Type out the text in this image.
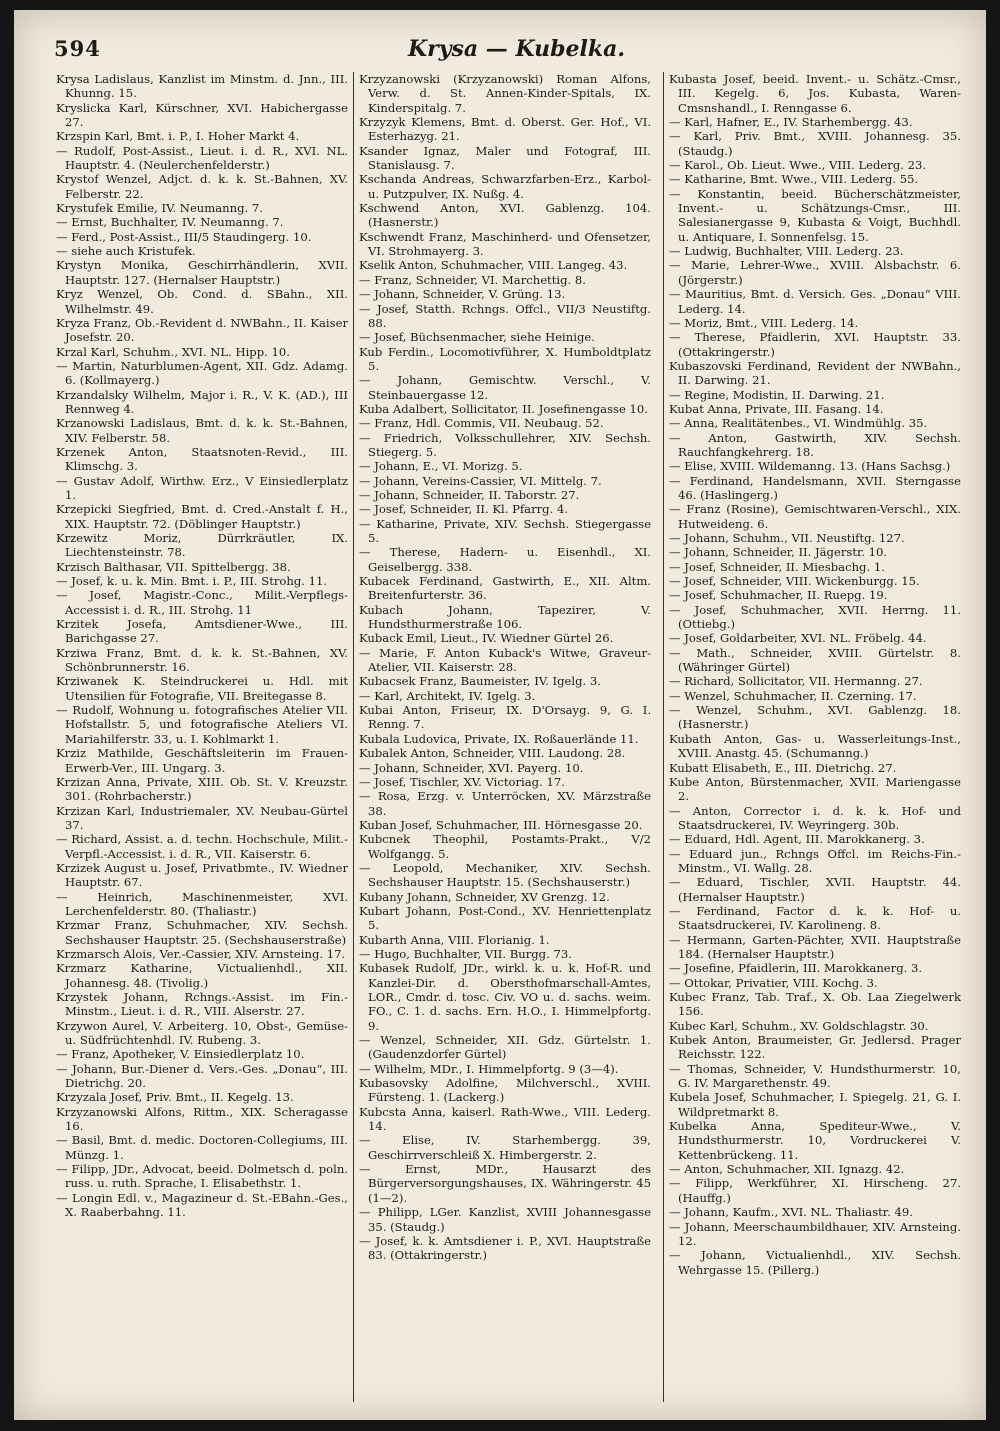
594	Krysa — Kubelka.

Krysa Ladislaus, Kanzlist im Minstm. d. Jnn., III. Khunng. 15.

Kryslicka Karl, Kürschner, XVI. Habichergasse 27.

Krzspin Karl, Bmt. i. P., I. Hoher Markt 4.

— Rudolf, Post-Assist., Lieut. i. d. R., XVI. NL. Hauptstr. 4. (Neulerchenfelderstr.)

Krystof Wenzel, Adjct. d. k. k. St.-Bahnen, XV. Felberstr. 22.

Krystufek Emilie, IV. Neumanng. 7.

— Ernst, Buchhalter, IV. Neumanng. 7.

— Ferd., Post-Assist., III/5 Staudingerg. 10.

— siehe auch Kristufek.

Krystyn Monika, Geschirrhändlerin, XVII. Hauptstr. 127. (Hernalser Hauptstr.)

Kryz Wenzel, Ob. Cond. d. SBahn., XII. Wilhelmstr. 49.

Kryza Franz, Ob.-Revident d. NWBahn., II. Kaiser Josefstr. 20.

Krzal Karl, Schuhm., XVI. NL. Hipp. 10.

— Martin, Naturblumen-Agent, XII. Gdz. Adamg. 6. (Kollmayerg.)

Krzandalsky Wilhelm, Major i. R., V. K. (AD.), III Rennweg 4.

Krzanowski Ladislaus, Bmt. d. k. k. St.-Bahnen, XIV. Felberstr. 58.

Krzenek Anton, Staatsnoten-Revid., III. Klimschg. 3.

— Gustav Adolf, Wirthw. Erz., V Einsiedlerplatz 1.

Krzepicki Siegfried, Bmt. d. Cred.-Anstalt f. H., XIX. Hauptstr. 72. (Döblinger Hauptstr.)

Krzewitz Moriz, Dürrkräutler, IX. Liechtensteinstr. 78.

Krzisch Balthasar, VII. Spittelbergg. 38.

— Josef, k. u. k. Min. Bmt. i. P., III. Strohg. 11.

— Josef, Magistr.-Conc., Milit.-Verpflegs-Accessist i. d. R., III. Strohg. 11

Krzitek Josefa, Amtsdiener-Wwe., III. Barichgasse 27.

Krziwa Franz, Bmt. d. k. k. St.-Bahnen, XV. Schönbrunnerstr. 16.

Krziwanek K. Steindruckerei u. Hdl. mit Utensilien für Fotografie, VII. Breitegasse 8.

— Rudolf, Wohnung u. fotografisches Atelier VII. Hofstallstr. 5, und fotografische Ateliers VI. Mariahilferstr. 33, u. I. Kohlmarkt 1.

Krziz Mathilde, Geschäftsleiterin im Frauen-Erwerb-Ver., III. Ungarg. 3.

Krzizan Anna, Private, XIII. Ob. St. V. Kreuzstr. 301. (Rohrbacherstr.)

Krzizan Karl, Industriemaler, XV. Neubau-Gürtel 37.

— Richard, Assist. a. d. techn. Hochschule, Milit.-Verpfl.-Accessist. i. d. R., VII. Kaiserstr. 6.

Krzizek August u. Josef, Privatbmte., IV. Wiedner Hauptstr. 67.

— Heinrich, Maschinenmeister, XVI. Lerchenfelderstr. 80. (Thaliastr.)

Krzmar Franz, Schuhmacher, XIV. Sechsh. Sechshauser Hauptstr. 25. (Sechshauserstraße)

Krzmarsch Alois, Ver.-Cassier, XIV. Arnsteing. 17.

Krzmarz Katharine, Victualienhdl., XII. Johannesg. 48. (Tivolig.)

Krzystek Johann, Rchngs.-Assist. im Fin.-Minstm., Lieut. i. d. R., VIII. Alserstr. 27.

Krzywon Aurel, V. Arbeiterg. 10, Obst-, Gemüse- u. Südfrüchtenhdl. IV. Rubeng. 3.

— Franz, Apotheker, V. Einsiedlerplatz 10.

— Johann, Bur.-Diener d. Vers.-Ges. „Donau“, III. Dietrichg. 20.

Krzyzala Josef, Priv. Bmt., II. Kegelg. 13.

Krzyzanowski Alfons, Rittm., XIX. Scheragasse 16.

— Basil, Bmt. d. medic. Doctoren-Collegiums, III. Münzg. 1.

— Filipp, JDr., Advocat, beeid. Dolmetsch d. poln. russ. u. ruth. Sprache, I. Elisabethstr. 1.

— Longin Edl. v., Magazineur d. St.-EBahn.-Ges., X. Raaberbahng. 11.

Krzyzanowski (Krzyzanowski) Roman Alfons, Verw. d. St. Annen-Kinder-Spitals, IX. Kinderspitalg. 7.

Krzyzyk Klemens, Bmt. d. Oberst. Ger. Hof., VI. Esterhazyg. 21.

Ksander Ignaz, Maler und Fotograf, III. Stanislausg. 7.

Kschanda Andreas, Schwarzfarben-Erz., Karbol- u. Putzpulver, IX. Nußg. 4.

Kschwend Anton, XVI. Gablenzg. 104. (Hasnerstr.)

Kschwendt Franz, Maschinherd- und Ofensetzer, VI. Strohmayerg. 3.

Kselik Anton, Schuhmacher, VIII. Langeg. 43.

— Franz, Schneider, VI. Marchettig. 8.

— Johann, Schneider, V. Grüng. 13.

— Josef, Statth. Rchngs. Offcl., VII/3 Neustiftg. 88.

— Josef, Büchsenmacher, siehe Heinige.

Kub Ferdin., Locomotivführer, X. Humboldtplatz 5.

— Johann, Gemischtw. Verschl., V. Steinbauergasse 12.

Kuba Adalbert, Sollicitator, II. Josefinengasse 10.

— Franz, Hdl. Commis, VII. Neubaug. 52.

— Friedrich, Volksschullehrer, XIV. Sechsh. Stiegerg. 5.

— Johann, E., VI. Morizg. 5.

— Johann, Vereins-Cassier, VI. Mittelg. 7.

— Johann, Schneider, II. Taborstr. 27.

— Josef, Schneider, II. Kl. Pfarrg. 4.

— Katharine, Private, XIV. Sechsh. Stiegergasse 5.

— Therese, Hadern- u. Eisenhdl., XI. Geiselbergg. 338.

Kubacek Ferdinand, Gastwirth, E., XII. Altm. Breitenfurterstr. 36.

Kubach Johann, Tapezirer, V. Hundsthurmerstraße 106.

Kuback Emil, Lieut., IV. Wiedner Gürtel 26.

— Marie, F. Anton Kuback's Witwe, Graveur-Atelier, VII. Kaiserstr. 28.

Kubacsek Franz, Baumeister, IV. Igelg. 3.

— Karl, Architekt, IV. Igelg. 3.

Kubai Anton, Friseur, IX. D'Orsayg. 9, G. I. Renng. 7.

Kubala Ludovica, Private, IX. Roßauerlände 11.

Kubalek Anton, Schneider, VIII. Laudong. 28.

— Johann, Schneider, XVI. Payerg. 10.

— Josef, Tischler, XV. Victoriag. 17.

— Rosa, Erzg. v. Unterröcken, XV. Märzstraße 38.

Kuban Josef, Schuhmacher, III. Hörnesgasse 20.

Kubcnek Theophil, Postamts-Prakt., V/2 Wolfgangg. 5.

— Leopold, Mechaniker, XIV. Sechsh. Sechshauser Hauptstr. 15. (Sechshauserstr.)

Kubany Johann, Schneider, XV Grenzg. 12.

Kubart Johann, Post-Cond., XV. Henriettenplatz 5.

Kubarth Anna, VIII. Florianig. 1.

— Hugo, Buchhalter, VII. Burgg. 73.

Kubasek Rudolf, JDr., wirkl. k. u. k. Hof-R. und Kanzlei-Dir. d. Obersthofmarschall-Amtes, LOR., Cmdr. d. tosc. Civ. VO u. d. sachs. weim. FO., C. 1. d. sachs. Ern. H.O., I. Himmelpfortg. 9.

— Wenzel, Schneider, XII. Gdz. Gürtelstr. 1. (Gaudenzdorfer Gürtel)

— Wilhelm, MDr., I. Himmelpfortg. 9 (3—4).

Kubasovsky Adolfine, Milchverschl., XVIII. Fürsteng. 1. (Lackerg.)

Kubcsta Anna, kaiserl. Rath-Wwe., VIII. Lederg. 14.

— Elise, IV. Starhembergg. 39, Geschirrverschleiß X. Himbergerstr. 2.

— Ernst, MDr., Hausarzt des Bürgerversorgungshauses, IX. Währingerstr. 45 (1—2).

— Philipp, LGer. Kanzlist, XVIII Johannesgasse 35. (Staudg.)

— Josef, k. k. Amtsdiener i. P., XVI. Hauptstraße 83. (Ottakringerstr.)

Kubasta Josef, beeid. Invent.- u. Schätz.-Cmsr., III. Kegelg. 6, Jos. Kubasta, Waren-Cmsnshandl., I. Renngasse 6.

— Karl, Hafner, E., IV. Starhembergg. 43.

— Karl, Priv. Bmt., XVIII. Johannesg. 35. (Staudg.)

— Karol., Ob. Lieut. Wwe., VIII. Lederg. 23.

— Katharine, Bmt. Wwe., VIII. Lederg. 55.

— Konstantin, beeid. Bücherschätzmeister, Invent.- u. Schätzungs-Cmsr., III. Salesianergasse 9, Kubasta & Voigt, Buchhdl. u. Antiquare, I. Sonnenfelsg. 15.

— Ludwig, Buchhalter, VIII. Lederg. 23.

— Marie, Lehrer-Wwe., XVIII. Alsbachstr. 6. (Jörgerstr.)

— Mauritius, Bmt. d. Versich. Ges. „Donau“ VIII. Lederg. 14.

— Moriz, Bmt., VIII. Lederg. 14.

— Therese, Pfaidlerin, XVI. Hauptstr. 33. (Ottakringerstr.)

Kubaszovski Ferdinand, Revident der NWBahn., II. Darwing. 21.

— Regine, Modistin, II. Darwing. 21.

Kubat Anna, Private, III. Fasang. 14.

— Anna, Realitätenbes., VI. Windmühlg. 35.

— Anton, Gastwirth, XIV. Sechsh. Rauchfangkehrerg. 18.

— Elise, XVIII. Wildemanng. 13. (Hans Sachsg.)

— Ferdinand, Handelsmann, XVII. Sterngasse 46. (Haslingerg.)

— Franz (Rosine), Gemischtwaren-Verschl., XIX. Hutweideng. 6.

— Johann, Schuhm., VII. Neustiftg. 127.

— Johann, Schneider, II. Jägerstr. 10.

— Josef, Schneider, II. Miesbachg. 1.

— Josef, Schneider, VIII. Wickenburgg. 15.

— Josef, Schuhmacher, II. Ruepg. 19.

— Josef, Schuhmacher, XVII. Herrng. 11. (Ottiebg.)

— Josef, Goldarbeiter, XVI. NL. Fröbelg. 44.

— Math., Schneider, XVIII. Gürtelstr. 8. (Währinger Gürtel)

— Richard, Sollicitator, VII. Hermanng. 27.

— Wenzel, Schuhmacher, II. Czerning. 17.

— Wenzel, Schuhm., XVI. Gablenzg. 18. (Hasnerstr.)

Kubath Anton, Gas- u. Wasserleitungs-Inst., XVIII. Anastg. 45. (Schumanng.)

Kubatt Elisabeth, E., III. Dietrichg. 27.

Kube Anton, Bürstenmacher, XVII. Mariengasse 2.

— Anton, Corrector i. d. k. k. Hof- und Staatsdruckerei, IV. Weyringerg. 30b.

— Eduard, Hdl. Agent, III. Marokkanerg. 3.

— Eduard jun., Rchngs Offcl. im Reichs-Fin.-Minstm., VI. Wallg. 28.

— Eduard, Tischler, XVII. Hauptstr. 44. (Hernalser Hauptstr.)

— Ferdinand, Factor d. k. k. Hof- u. Staatsdruckerei, IV. Karolineng. 8.

— Hermann, Garten-Pächter, XVII. Hauptstraße 184. (Hernalser Hauptstr.)

— Josefine, Pfaidlerin, III. Marokkanerg. 3.

— Ottokar, Privatier, VIII. Kochg. 3.

Kubec Franz, Tab. Traf., X. Ob. Laa Ziegelwerk 156.

Kubec Karl, Schuhm., XV. Goldschlagstr. 30.

Kubek Anton, Braumeister, Gr. Jedlersd. Prager Reichsstr. 122.

— Thomas, Schneider, V. Hundsthurmerstr. 10, G. IV. Margarethenstr. 49.

Kubela Josef, Schuhmacher, I. Spiegelg. 21, G. I. Wildpretmarkt 8.

Kubelka Anna, Spediteur-Wwe., V. Hundsthurmerstr. 10, Vordruckerei V. Kettenbrückeng. 11.

— Anton, Schuhmacher, XII. Ignazg. 42.

— Filipp, Werkführer, XI. Hirscheng. 27. (Hauffg.)

— Johann, Kaufm., XVI. NL. Thaliastr. 49.

— Johann, Meerschaumbildhauer, XIV. Arnsteing. 12.

— Johann, Victualienhdl., XIV. Sechsh. Wehrgasse 15. (Pillerg.)
